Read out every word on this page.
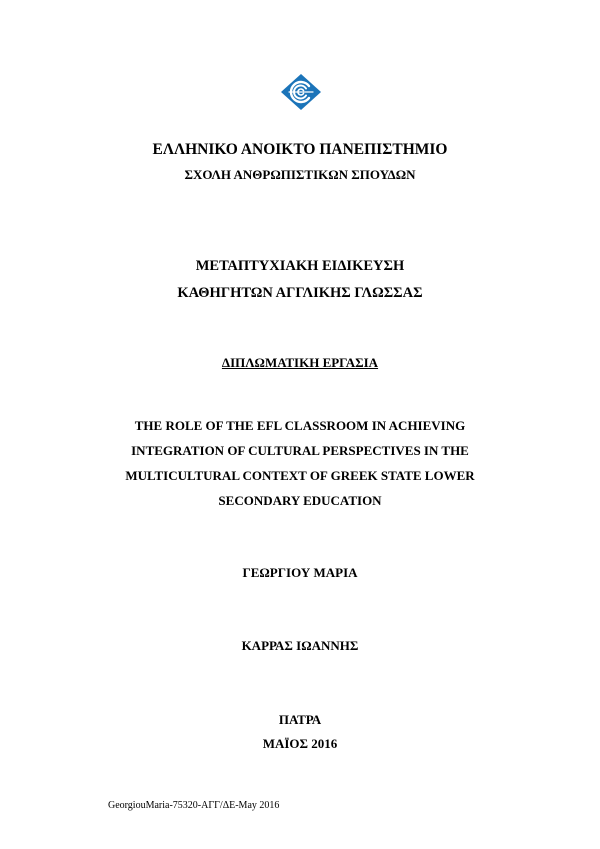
ΕΛΛΗΝΙΚΟ ΑΝΟΙΚΤΟ ΠΑΝΕΠΙΣΤΗΜΙΟ

ΣΧΟΛΗ ΑΝΘΡΩΠΙΣΤΙΚΩΝ ΣΠΟΥΔΩΝ

ΜΕΤΑΠΤΥΧΙΑΚΗ ΕΙΔΙΚΕΥΣΗ

ΚΑΘΗΓΗΤΩΝ ΑΓΓΛΙΚΗΣ ΓΛΩΣΣΑΣ

ΔΙΠΛΩΜΑΤΙΚΗ ΕΡΓΑΣΙΑ

THE ROLE OF THE EFL CLASSROOM IN ACHIEVING

INTEGRATION OF CULTURAL PERSPECTIVES IN THE

MULTICULTURAL CONTEXT OF GREEK STATE LOWER

SECONDARY EDUCATION

ΓΕΩΡΓΙΟΥ ΜΑΡΙΑ

ΚΑΡΡΑΣ ΙΩΑΝΝΗΣ

ΠΑΤΡΑ

ΜΑΪΟΣ 2016

GeorgiouMaria-75320-ΑΓΓ/ΔΕ-May 2016
